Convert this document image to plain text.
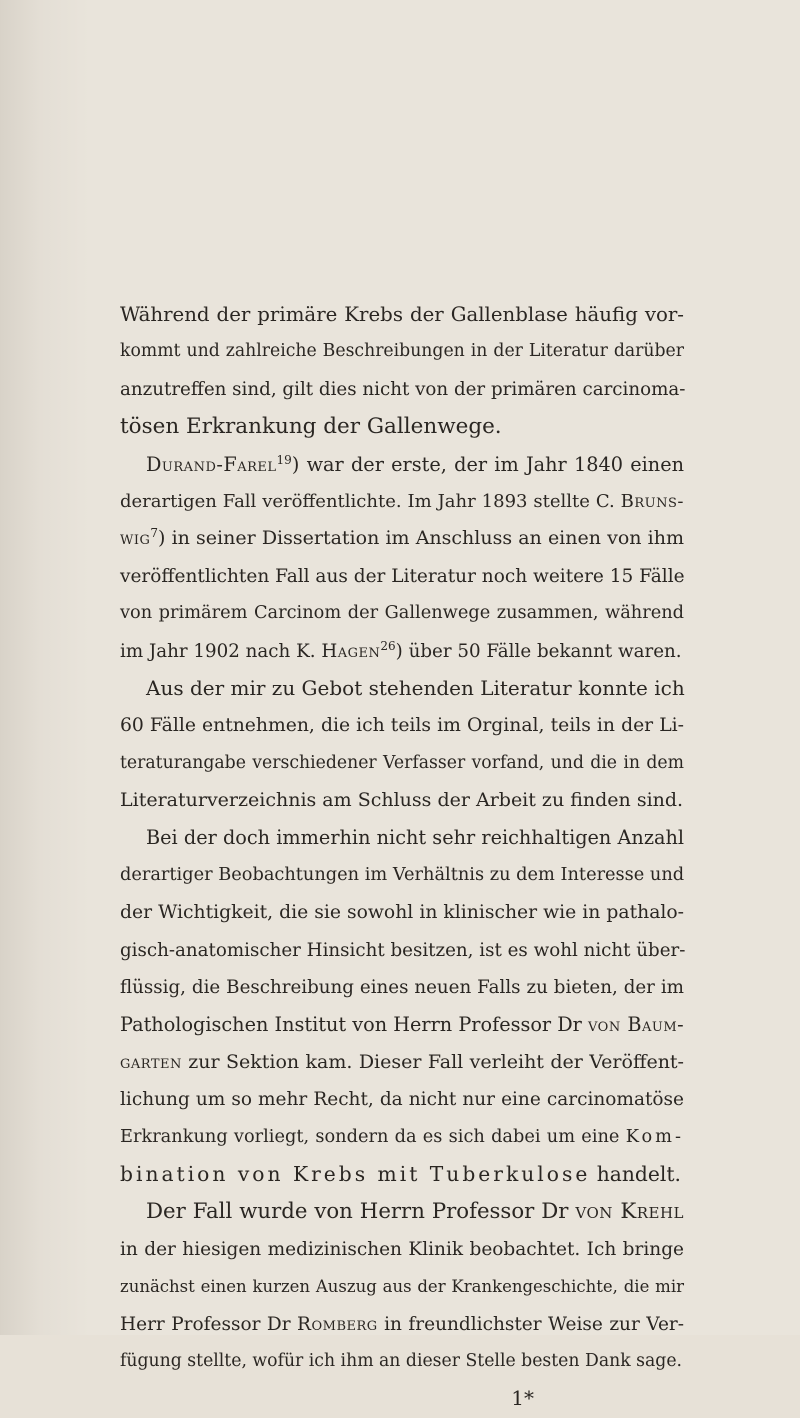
Während der primäre Krebs der Gallenblase häufig vor-
kommt und zahlreiche Beschreibungen in der Literatur darüber
anzutreffen sind, gilt dies nicht von der primären carcinoma-
tösen Erkrankung der Gallenwege.
Durand-Farel$^{19}$) war der erste, der im Jahr 1840 einen
derartigen Fall veröffentlichte. Im Jahr 1893 stellte C. Bruns-
wig$^7$) in seiner Dissertation im Anschluss an einen von ihm
veröffentlichten Fall aus der Literatur noch weitere 15 Fälle
von primärem Carcinom der Gallenwege zusammen, während
im Jahr 1902 nach K. Hagen$^{26}$) über 50 Fälle bekannt waren.
Aus der mir zu Gebot stehenden Literatur konnte ich
60 Fälle entnehmen, die ich teils im Orginal, teils in der Li-
teraturangabe verschiedener Verfasser vorfand, und die in dem
Literaturverzeichnis am Schluss der Arbeit zu finden sind.
Bei der doch immerhin nicht sehr reichhaltigen Anzahl
derartiger Beobachtungen im Verhältnis zu dem Interesse und
der Wichtigkeit, die sie sowohl in klinischer wie in pathalo-
gisch-anatomischer Hinsicht besitzen, ist es wohl nicht über-
flüssig, die Beschreibung eines neuen Falls zu bieten, der im
Pathologischen Institut von Herrn Professor Dr von Baum-
garten zur Sektion kam. Dieser Fall verleiht der Veröffent-
lichung um so mehr Recht, da nicht nur eine carcinomatöse
Erkrankung vorliegt, sondern da es sich dabei um eine Kom-
bination von Krebs mit Tuberkulose handelt.
Der Fall wurde von Herrn Professor Dr von Krehl
in der hiesigen medizinischen Klinik beobachtet. Ich bringe
zunächst einen kurzen Auszug aus der Krankengeschichte, die mir
Herr Professor Dr Romberg in freundlichster Weise zur Ver-
fügung stellte, wofür ich ihm an dieser Stelle besten Dank sage.
1*
